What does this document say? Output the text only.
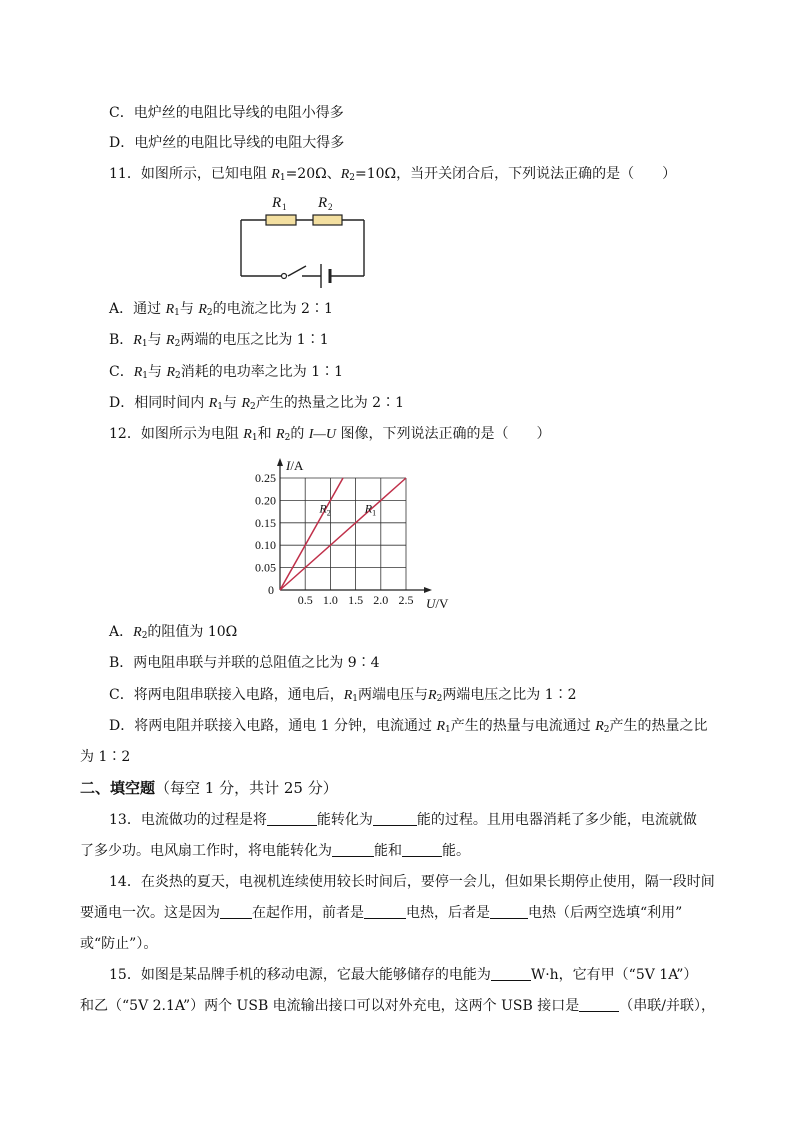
C．电炉丝的电阻比导线的电阻小得多
D．电炉丝的电阻比导线的电阻大得多
11．如图所示，已知电阻 $R_1=20\Omega$、$R_2=10\Omega$，当开关闭合后，下列说法正确的是（　　）
R 1 R 2
A．通过 $R_1$与 $R_2$的电流之比为 2∶1
B．$R_1$与 $R_2$两端的电压之比为 1∶1
C．$R_1$与 $R_2$消耗的电功率之比为 1∶1
D．相同时间内 $R_1$与 $R_2$产生的热量之比为 2∶1
12．如图所示为电阻 $R_1$和 $R_2$的 I—U 图像，下列说法正确的是（　　）
0.5 1.0 1.5 2.0 2.5
0.25
0.20
0.15
0.10
0.05
0
I/A
U/V
$R_2$	$R_1$
A．$R_2$的阻值为 10Ω
B．两电阻串联与并联的总阻值之比为 9∶4
C．将两电阻串联接入电路，通电后，$R_1$两端电压与$R_2$两端电压之比为 1∶2
D．将两电阻并联接入电路，通电 1 分钟，电流通过 $R_1$产生的热量与电流通过 $R_2$产生的热量之比
为 1∶2
二、填空题（每空 1 分，共计 25 分）
13．电流做功的过程是将	能转化为	能的过程。且用电器消耗了多少能，电流就做
了多少功。电风扇工作时，将电能转化为	能和	能。
14．在炎热的夏天，电视机连续使用较长时间后，要停一会儿，但如果长期停止使用，隔一段时间
要通电一次。这是因为 在起作用，前者是	电热，后者是	电热（后两空选填“利用”
或“防止”）。
15．如图是某品牌手机的移动电源，它最大能够储存的电能为	W·h，它有甲（“5V 1A”）
和乙（“5V 2.1A”）两个 USB 电流输出接口可以对外充电，这两个 USB 接口是	（串联/并联），
